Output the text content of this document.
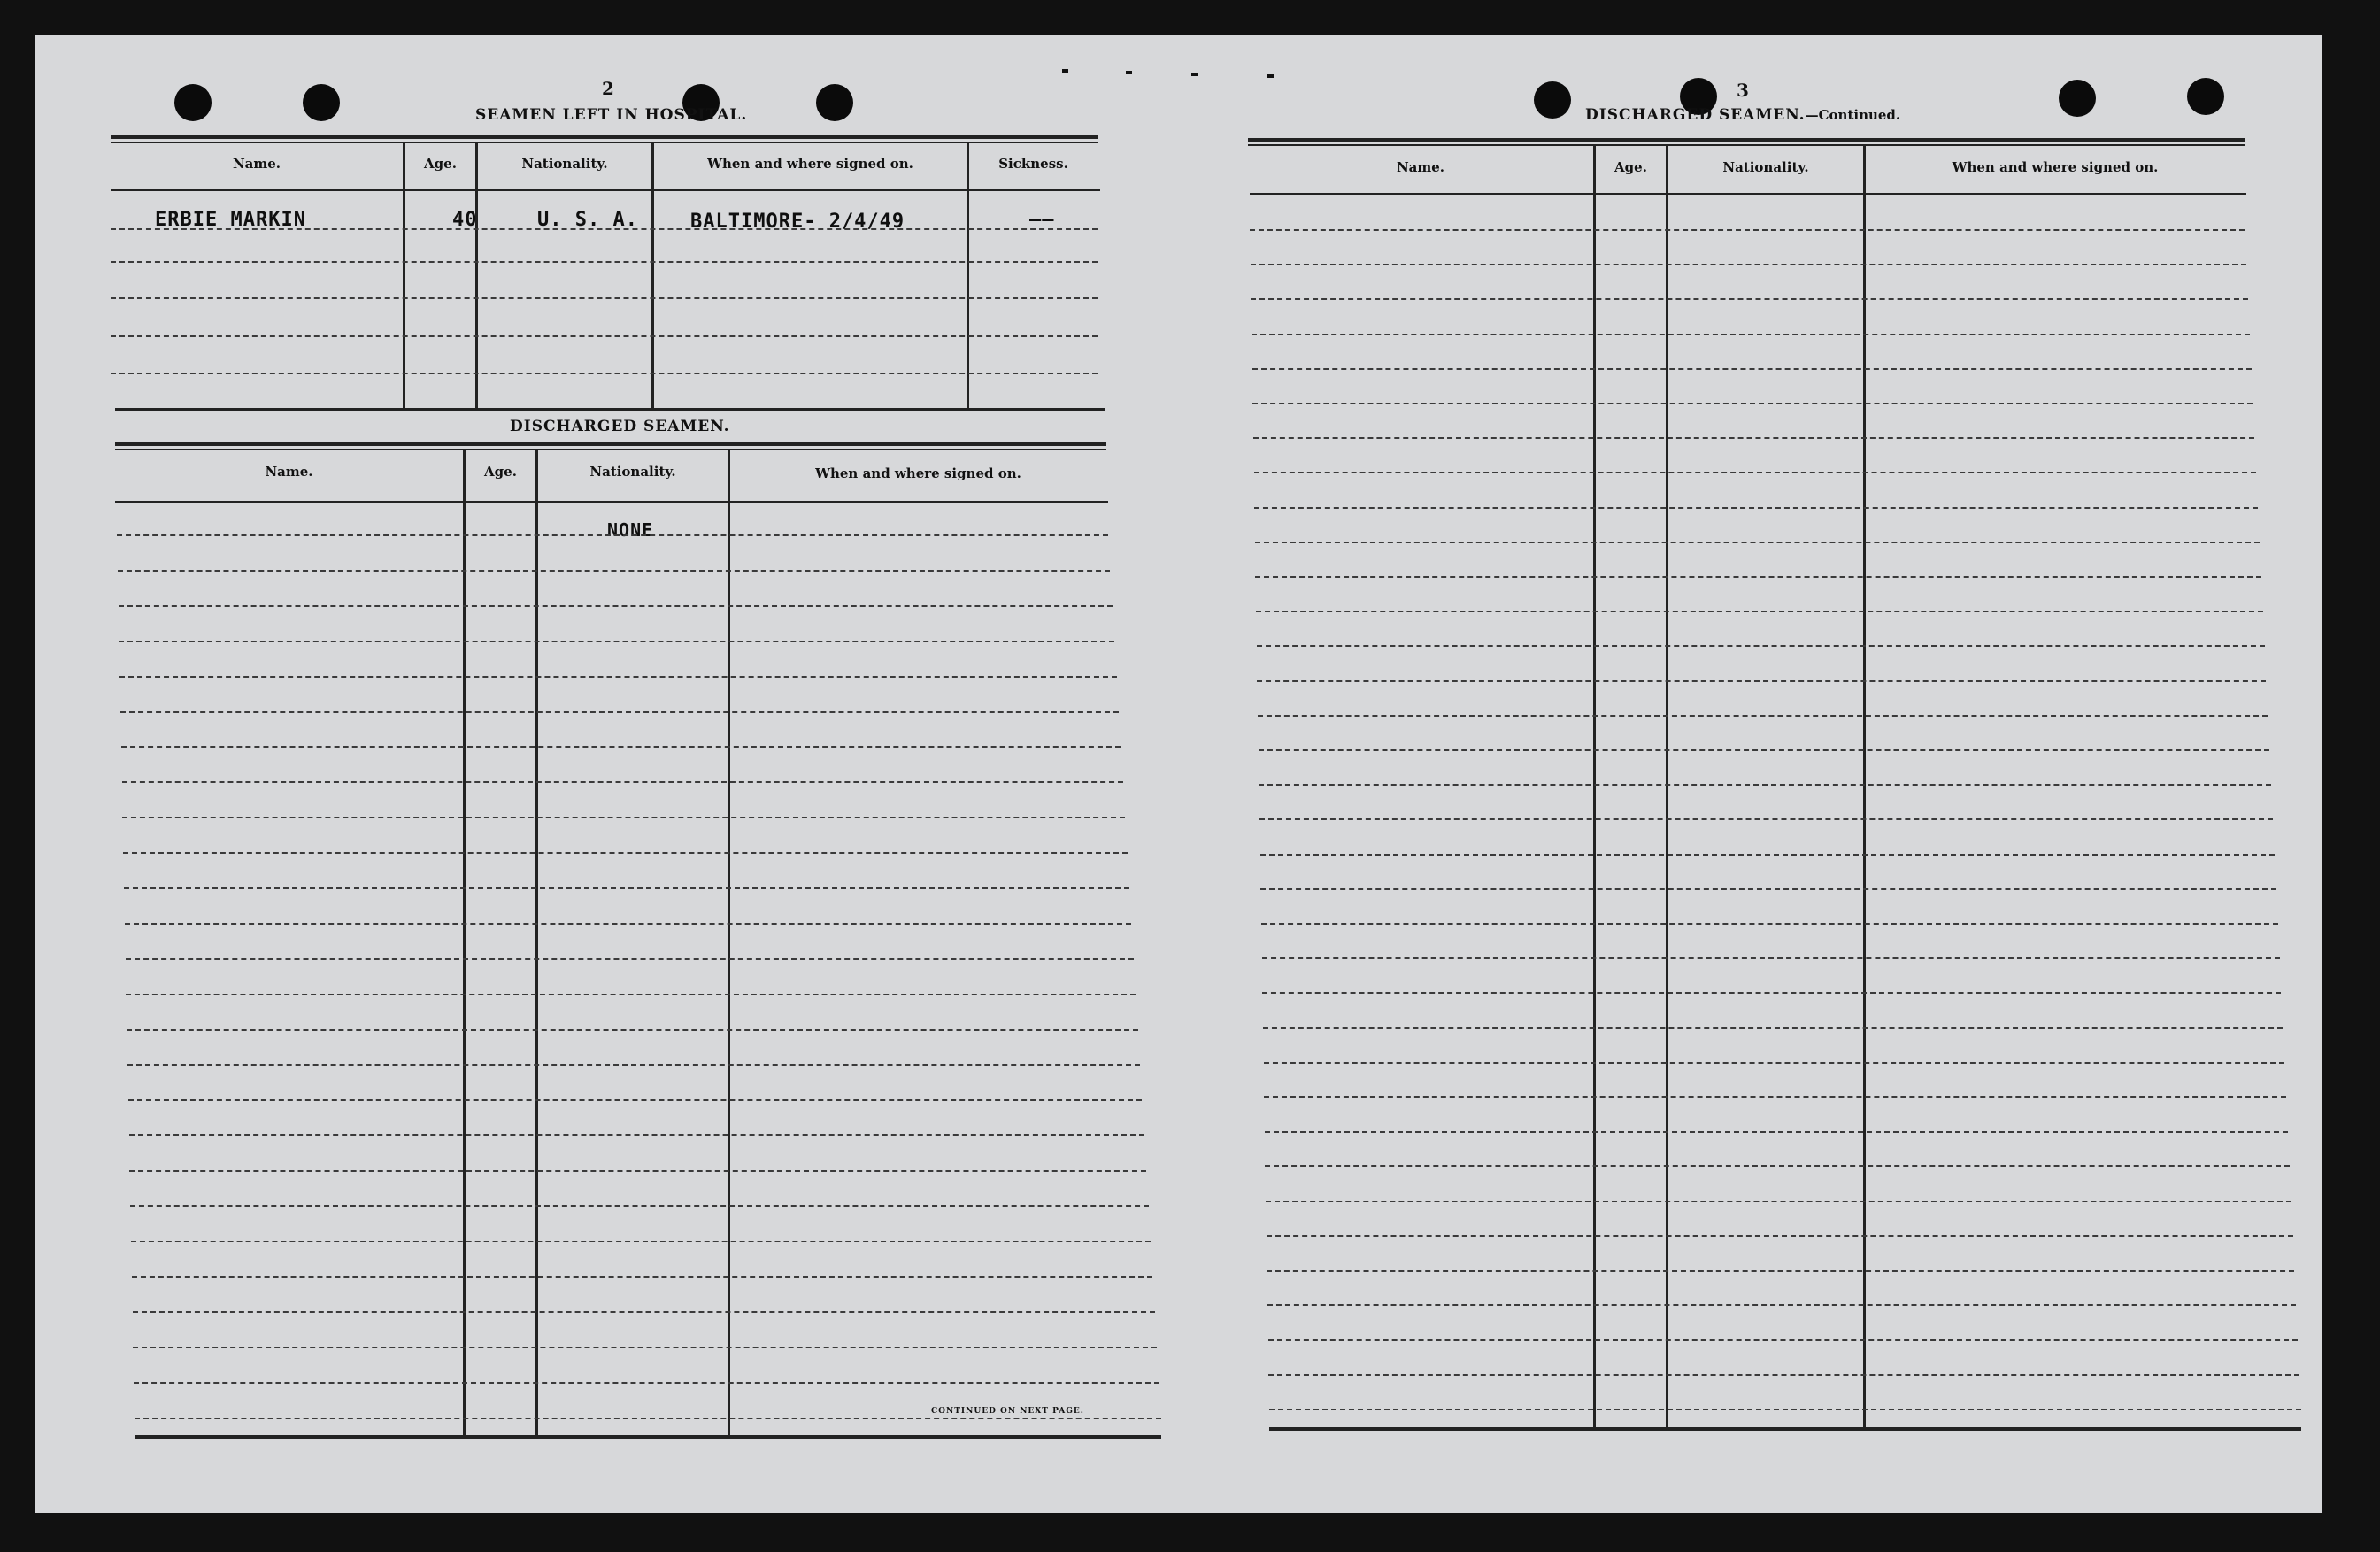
2
SEAMEN LEFT IN HOSPITAL.
Name.	Age.	Nationality.	When and where signed on.	Sickness.
ERBIE MARKIN	40	U. S. A.	BALTIMORE- 2/4/49	——
DISCHARGED SEAMEN.
Name.	Age.	Nationality.	When and where signed on.
NONE
CONTINUED ON NEXT PAGE.
3
DISCHARGED SEAMEN.—Continued.
Name.	Age.	Nationality.	When and where signed on.
